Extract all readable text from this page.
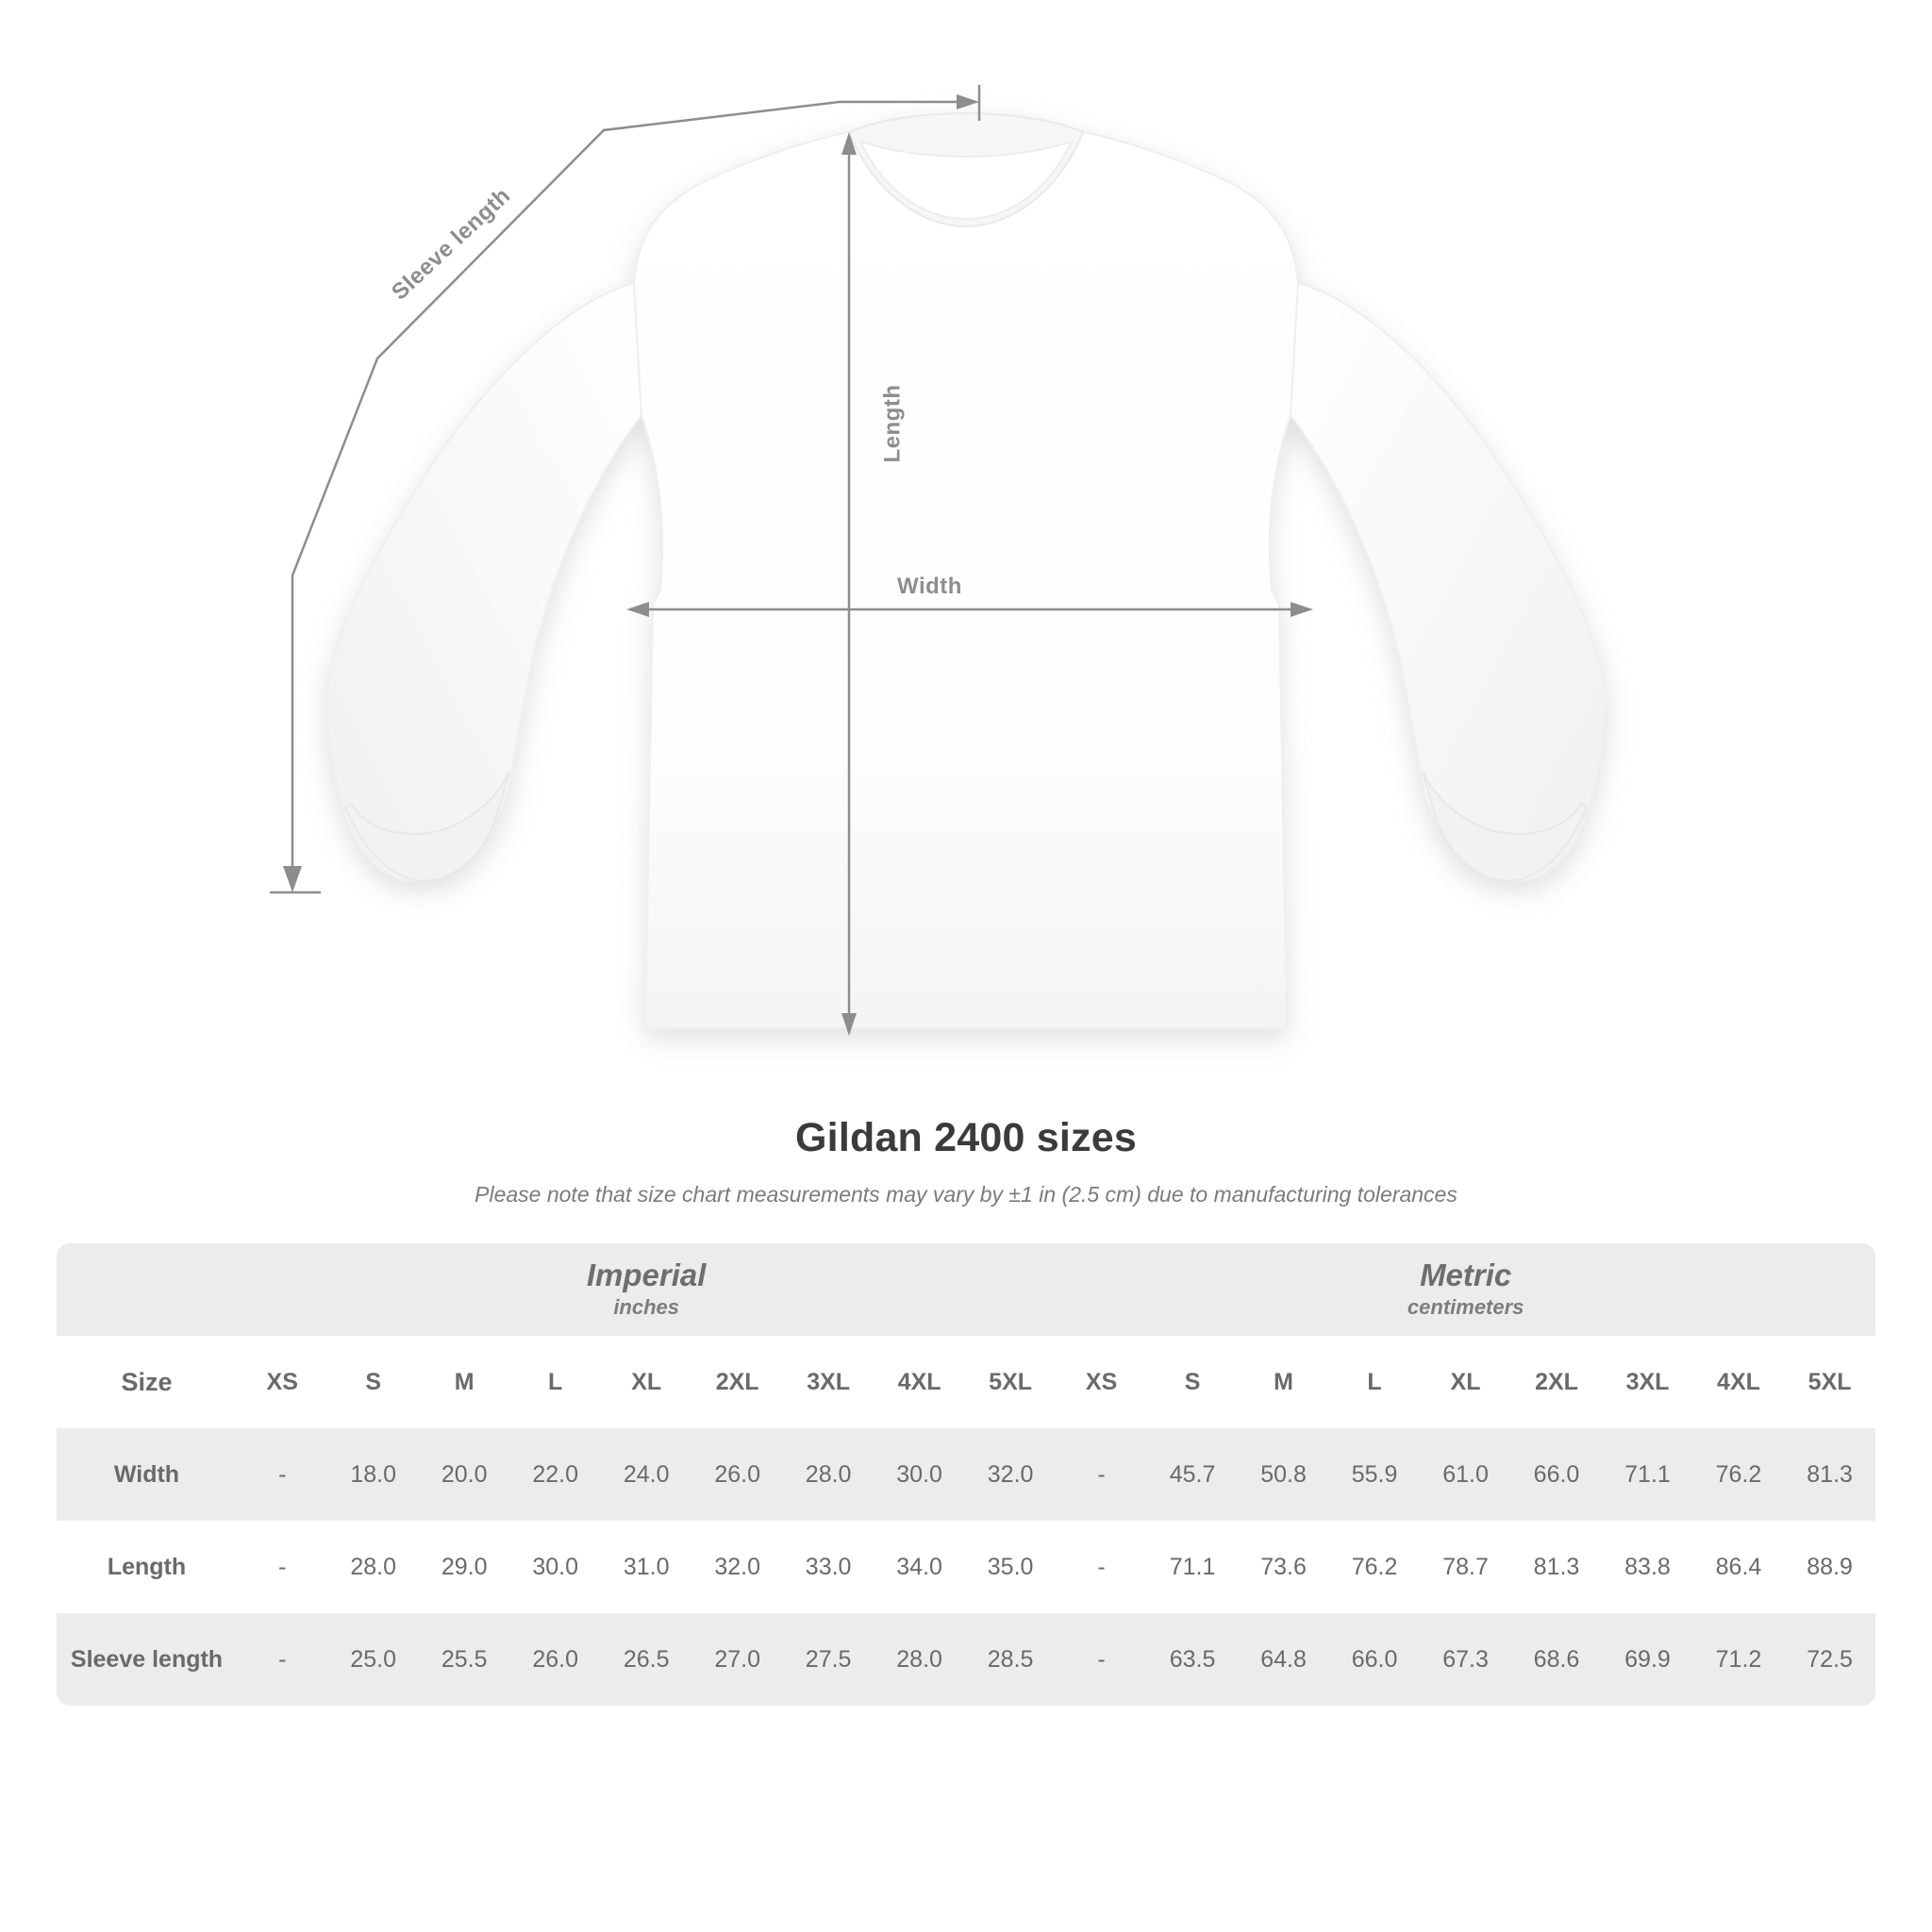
Length
Width
Sleeve length
Gildan 2400 sizes

Please note that size chart measurements may vary by ±1 in (2.5 cm) due to manufacturing tolerances

	Imperial
inches									Metric
centimeters								

Size	XS	S	M	L	XL	2XL	3XL	4XL	5XL	XS	S	M	L	XL	2XL	3XL	4XL	5XL
Width	-	18.0	20.0	22.0	24.0	26.0	28.0	30.0	32.0	-	45.7	50.8	55.9	61.0	66.0	71.1	76.2	81.3
Length	-	28.0	29.0	30.0	31.0	32.0	33.0	34.0	35.0	-	71.1	73.6	76.2	78.7	81.3	83.8	86.4	88.9
Sleeve length	-	25.0	25.5	26.0	26.5	27.0	27.5	28.0	28.5	-	63.5	64.8	66.0	67.3	68.6	69.9	71.2	72.5
